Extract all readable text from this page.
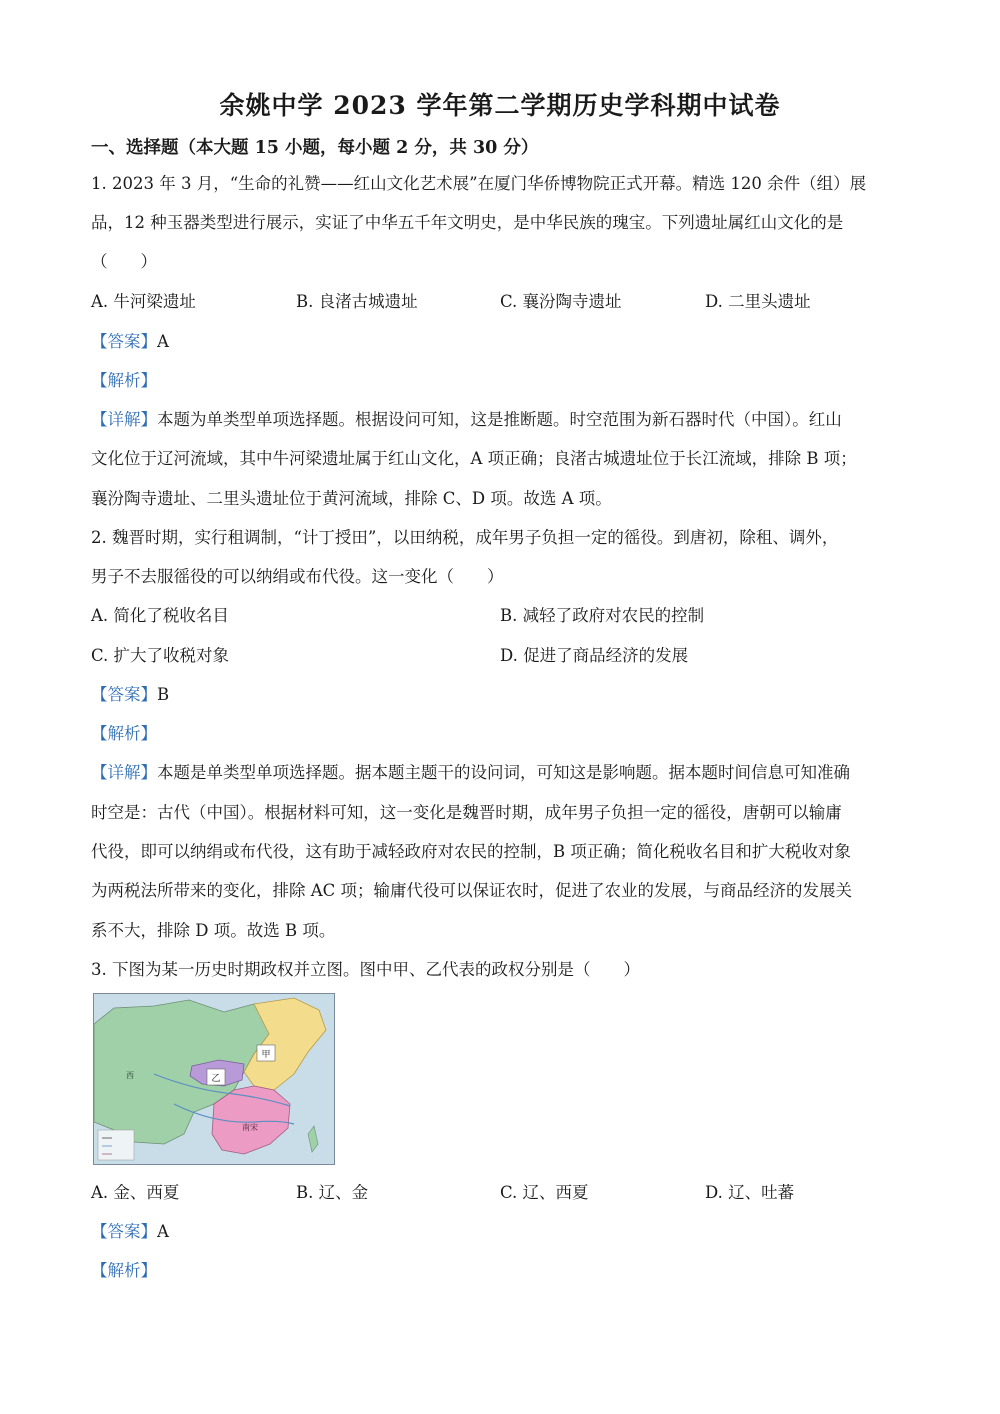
余姚中学 2023 学年第二学期历史学科期中试卷
一、选择题（本大题 15 小题，每小题 2 分，共 30 分）
1. 2023 年 3 月，“生命的礼赞——红山文化艺术展”在厦门华侨博物院正式开幕。精选 120 余件（组）展
品，12 种玉器类型进行展示，实证了中华五千年文明史，是中华民族的瑰宝。下列遗址属红山文化的是
（　　）
A. 牛河梁遗址	B. 良渚古城遗址	C. 襄汾陶寺遗址	D. 二里头遗址
【答案】A
【解析】
【详解】本题为单类型单项选择题。根据设问可知，这是推断题。时空范围为新石器时代（中国）。红山
文化位于辽河流域，其中牛河梁遗址属于红山文化，A 项正确；良渚古城遗址位于长江流域，排除 B 项；
襄汾陶寺遗址、二里头遗址位于黄河流域，排除 C、D 项。故选 A 项。
2. 魏晋时期，实行租调制，“计丁授田”，以田纳税，成年男子负担一定的徭役。到唐初，除租、调外，
男子不去服徭役的可以纳绢或布代役。这一变化（　　）
A. 简化了税收名目	B. 减轻了政府对农民的控制
C. 扩大了收税对象	D. 促进了商品经济的发展
【答案】B
【解析】
【详解】本题是单类型单项选择题。据本题主题干的设问词，可知这是影响题。据本题时间信息可知准确
时空是：古代（中国）。根据材料可知，这一变化是魏晋时期，成年男子负担一定的徭役，唐朝可以输庸
代役，即可以纳绢或布代役，这有助于减轻政府对农民的控制，B 项正确；简化税收名目和扩大税收对象
为两税法所带来的变化，排除 AC 项；输庸代役可以保证农时，促进了农业的发展，与商品经济的发展关
系不大，排除 D 项。故选 B 项。
3. 下图为某一历史时期政权并立图。图中甲、乙代表的政权分别是（　　）
甲
乙
南宋
西
A. 金、西夏	B. 辽、金	C. 辽、西夏	D. 辽、吐蕃
【答案】A
【解析】
